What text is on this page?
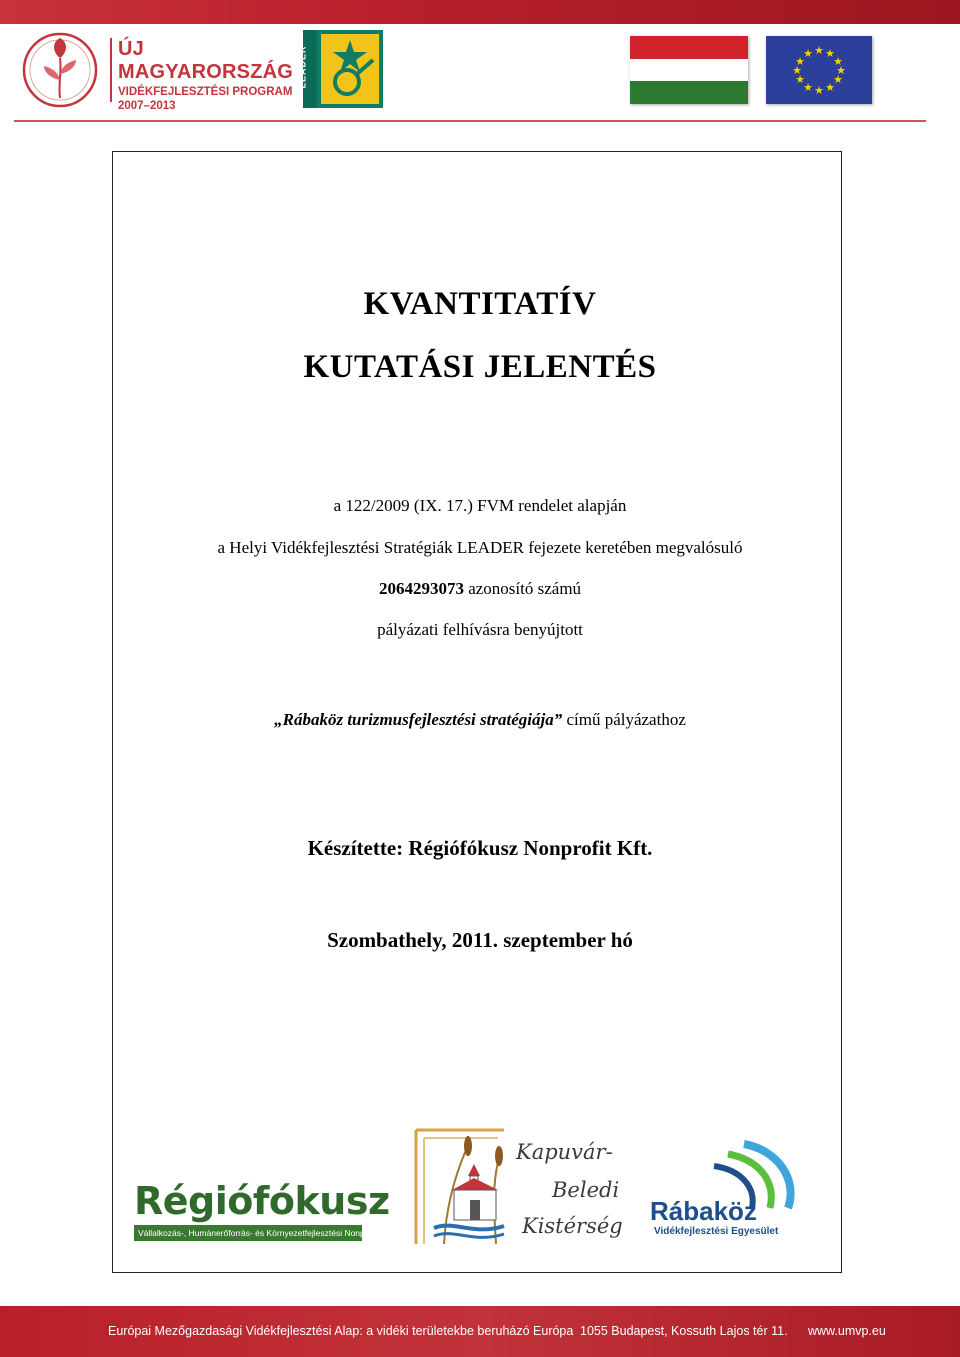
ÚJ MAGYARORSZÁG
VIDÉKFEJLESZTÉSI PROGRAM
2007–2013
LEADER	★ ★
★
★
★
★
★
★
★
★
★
★
KVANTITATÍV
KUTATÁSI JELENTÉS
a 122/2009 (IX. 17.) FVM rendelet alapján
a Helyi Vidékfejlesztési Stratégiák LEADER fejezete keretében megvalósuló
2064293073 azonosító számú
pályázati felhívásra benyújtott
„Rábaköz turizmusfejlesztési stratégiája” című pályázathoz
Készítette: Régiófókusz Nonprofit Kft.
Szombathely, 2011. szeptember hó
Régiófókusz
Vállalkozás-, Humánerőforrás- és Környezetfejlesztési Nonprofit Kft.
Kapuvár-
Beledi
Kistérség Rábaköz
Vidékfejlesztési Egyesület
Európai Mezőgazdasági Vidékfejlesztési Alap: a vidéki területekbe beruházó Európa 1055 Budapest, Kossuth Lajos tér 11. www.umvp.eu
